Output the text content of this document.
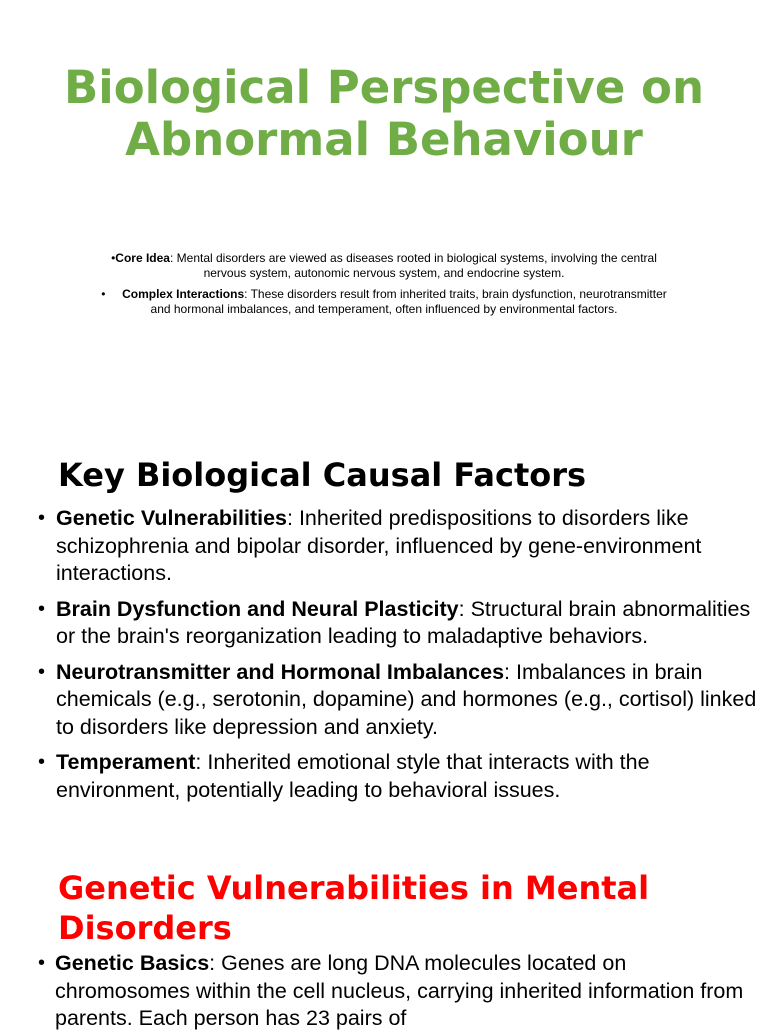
Biological Perspective on Abnormal Behaviour

•Core Idea: Mental disorders are viewed as diseases rooted in biological systems, involving the central nervous system, autonomic nervous system, and endocrine system.

• Complex Interactions: These disorders result from inherited traits, brain dysfunction, neurotransmitter and hormonal imbalances, and temperament, often influenced by environmental factors.

Key Biological Causal Factors
• Genetic Vulnerabilities: Inherited predispositions to disorders like schizophrenia and bipolar disorder, influenced by gene-environment interactions.
• Brain Dysfunction and Neural Plasticity: Structural brain abnormalities or the brain's reorganization leading to maladaptive behaviors.
• Neurotransmitter and Hormonal Imbalances: Imbalances in brain chemicals (e.g., serotonin, dopamine) and hormones (e.g., cortisol) linked to disorders like depression and anxiety.
• Temperament: Inherited emotional style that interacts with the environment, potentially leading to behavioral issues.
Genetic Vulnerabilities in Mental Disorders
• Genetic Basics: Genes are long DNA molecules located on chromosomes within the cell nucleus, carrying inherited information from parents. Each person has 23 pairs of
